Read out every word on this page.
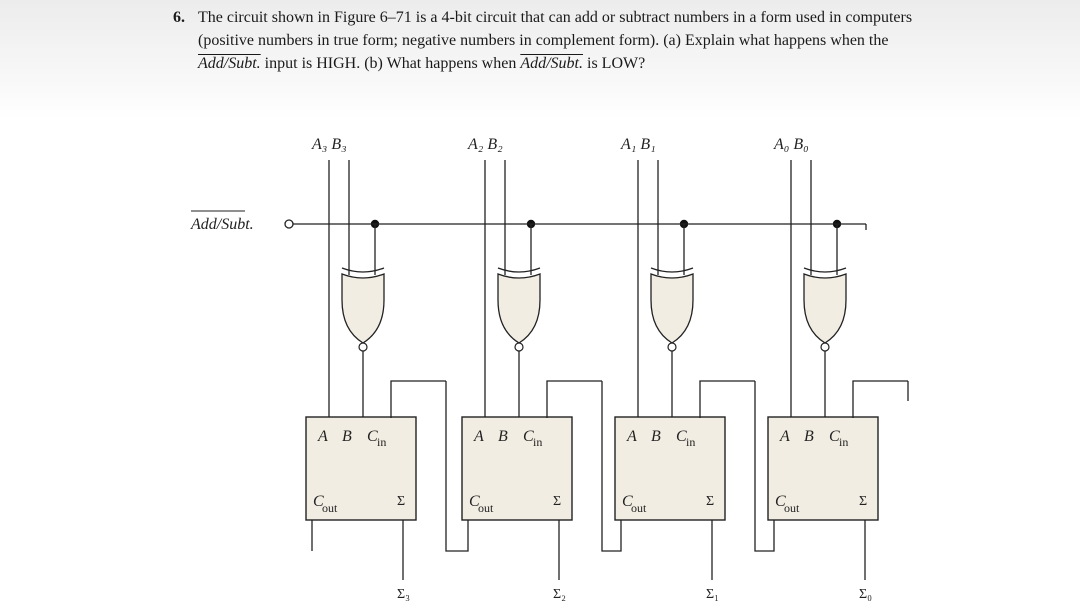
6. The circuit shown in Figure 6–71 is a 4-bit circuit that can add or subtract numbers in a form used in computers (positive numbers in true form; negative numbers in complement form). (a) Explain what happens when the Add/Subt. input is HIGH. (b) What happens when Add/Subt. is LOW?
A₃ B₃
A B C in
C
out	Σ
Σ₃
A₂ B₂
A B C in
C
out	Σ
Σ₂
A₁ B₁
A B C in
C
out	Σ
Σ₁
A₀ B₀
A B C in
C
out	Σ
Σ₀
Add/Subt.
